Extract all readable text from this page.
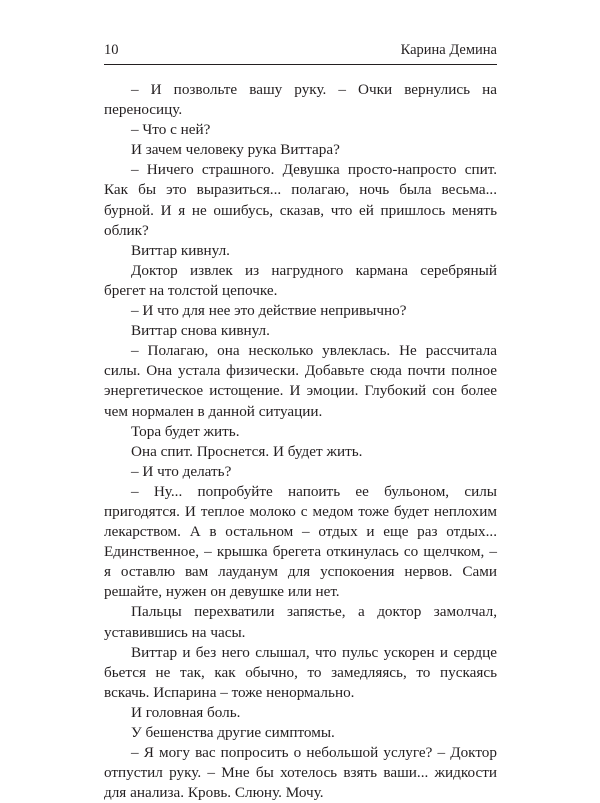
10	Карина Демина

– И позвольте вашу руку. – Очки вернулись на переносицу.

– Что с ней?

И зачем человеку рука Виттара?

– Ничего страшного. Девушка просто-напросто спит. Как бы это выразиться... полагаю, ночь была весьма... бурной. И я не ошибусь, сказав, что ей пришлось менять облик?

Виттар кивнул.

Доктор извлек из нагрудного кармана серебряный брегет на толстой цепочке.

– И что для нее это действие непривычно?

Виттар снова кивнул.

– Полагаю, она несколько увлеклась. Не рассчитала силы. Она устала физически. Добавьте сюда почти полное энергетическое истощение. И эмоции. Глубокий сон более чем нормален в данной ситуации.

Тора будет жить.

Она спит. Проснется. И будет жить.

– И что делать?

– Ну... попробуйте напоить ее бульоном, силы пригодятся. И теплое молоко с медом тоже будет неплохим лекарством. А в остальном – отдых и еще раз отдых... Единственное, – крышка брегета откинулась со щелчком, – я оставлю вам лауданум для успокоения нервов. Сами решайте, нужен он девушке или нет.

Пальцы перехватили запястье, а доктор замолчал, уставившись на часы.

Виттар и без него слышал, что пульс ускорен и сердце бьется не так, как обычно, то замедляясь, то пускаясь вскачь. Испарина – тоже ненормально.

И головная боль.

У бешенства другие симптомы.

– Я могу вас попросить о небольшой услуге? – Доктор отпустил руку. – Мне бы хотелось взять ваши... жидкости для анализа. Кровь. Слюну. Мочу.
